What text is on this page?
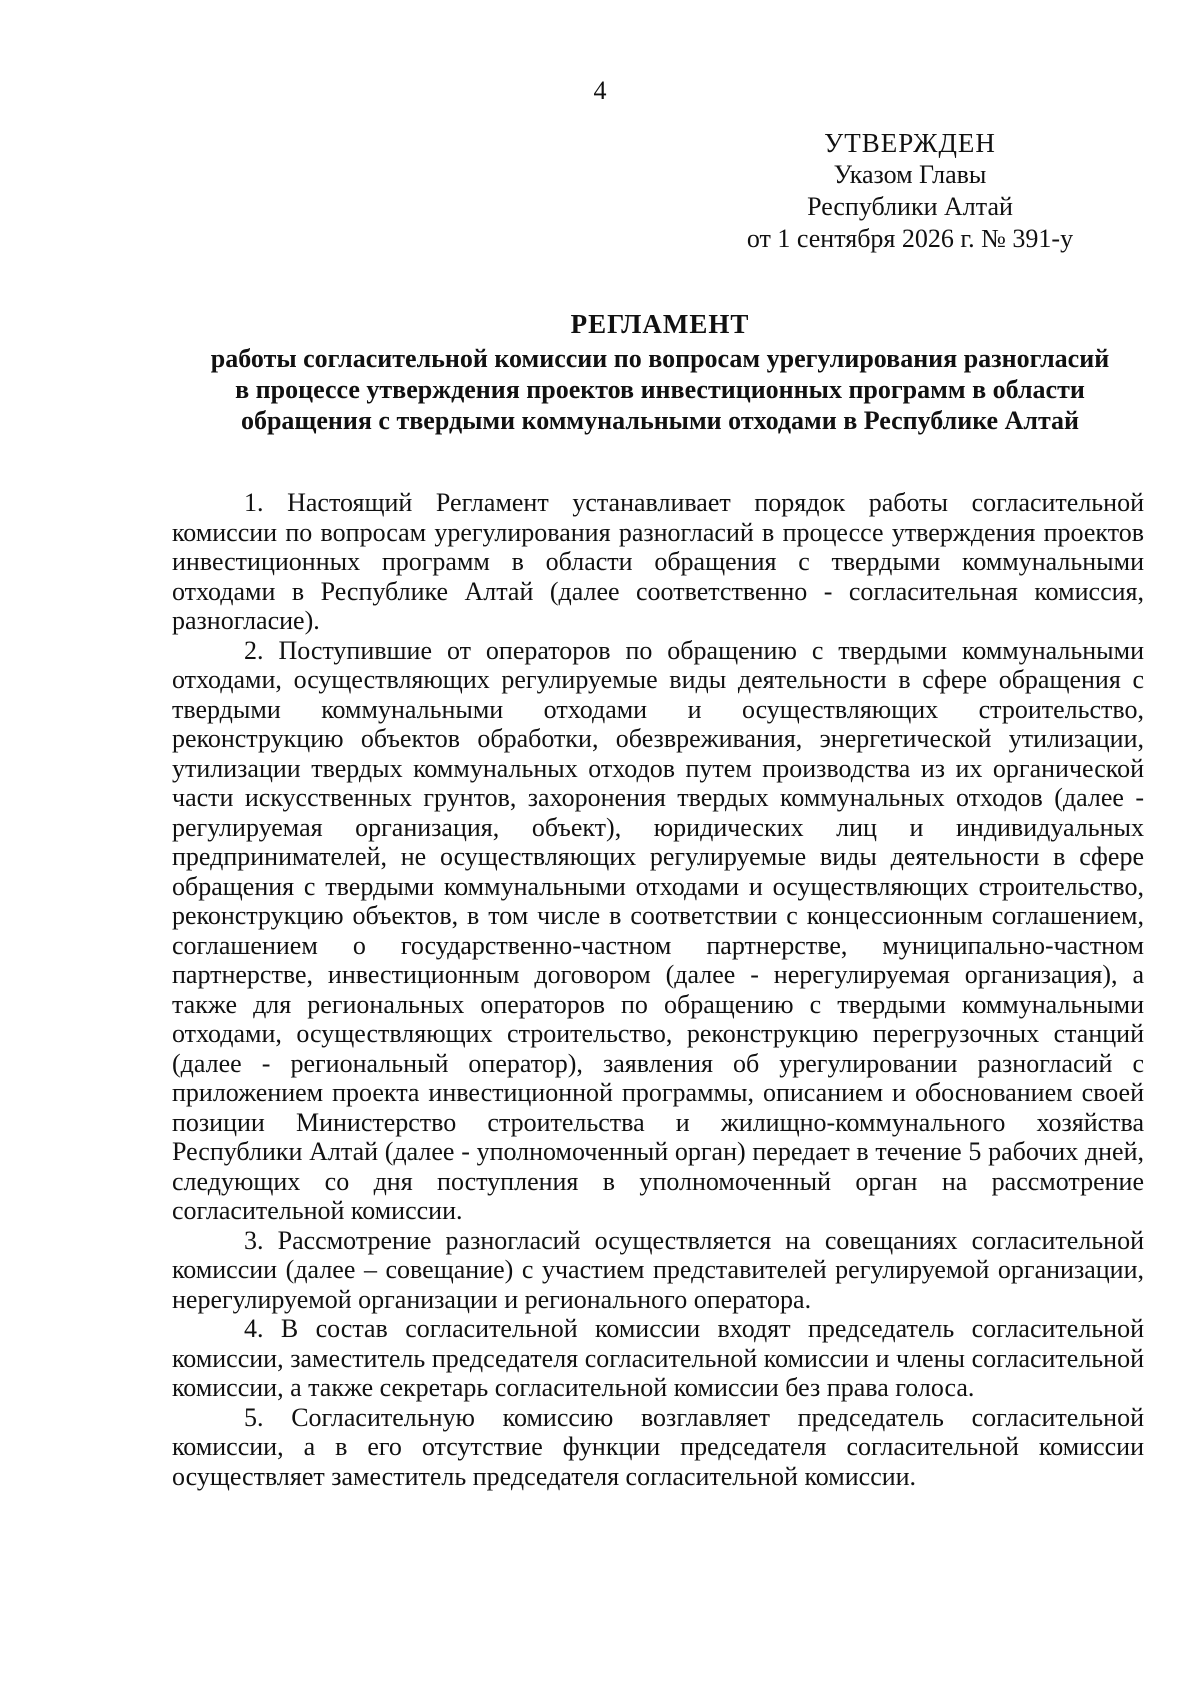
4
УТВЕРЖДЕН
Указом Главы
Республики Алтай
от 1 сентября 2026 г. № 391-у
РЕГЛАМЕНТ
работы согласительной комиссии по вопросам урегулирования разногласий
в процессе утверждения проектов инвестиционных программ в области
обращения с твердыми коммунальными отходами в Республике Алтай

1. Настоящий Регламент устанавливает порядок работы согласительной комиссии по вопросам урегулирования разногласий в процессе утверждения проектов инвестиционных программ в области обращения с твердыми коммунальными отходами в Республике Алтай (далее соответственно - согласительная комиссия, разногласие).

2. Поступившие от операторов по обращению с твердыми коммунальными отходами, осуществляющих регулируемые виды деятельности в сфере обращения с твердыми коммунальными отходами и осуществляющих строительство, реконструкцию объектов обработки, обезвреживания, энергетической утилизации, утилизации твердых коммунальных отходов путем производства из их органической части искусственных грунтов, захоронения твердых коммунальных отходов (далее - регулируемая организация, объект), юридических лиц и индивидуальных предпринимателей, не осуществляющих регулируемые виды деятельности в сфере обращения с твердыми коммунальными отходами и осуществляющих строительство, реконструкцию объектов, в том числе в соответствии с концессионным соглашением, соглашением о государственно-частном партнерстве, муниципально-частном партнерстве, инвестиционным договором (далее - нерегулируемая организация), а также для региональных операторов по обращению с твердыми коммунальными отходами, осуществляющих строительство, реконструкцию перегрузочных станций (далее - региональный оператор), заявления об урегулировании разногласий с приложением проекта инвестиционной программы, описанием и обоснованием своей позиции Министерство строительства и жилищно-коммунального хозяйства Республики Алтай (далее - уполномоченный орган) передает в течение 5 рабочих дней, следующих со дня поступления в уполномоченный орган на рассмотрение согласительной комиссии.

3. Рассмотрение разногласий осуществляется на совещаниях согласительной комиссии (далее – совещание) с участием представителей регулируемой организации, нерегулируемой организации и регионального оператора.

4. В состав согласительной комиссии входят председатель согласительной комиссии, заместитель председателя согласительной комиссии и члены согласительной комиссии, а также секретарь согласительной комиссии без права голоса.

5. Согласительную комиссию возглавляет председатель согласительной комиссии, а в его отсутствие функции председателя согласительной комиссии осуществляет заместитель председателя согласительной комиссии.
